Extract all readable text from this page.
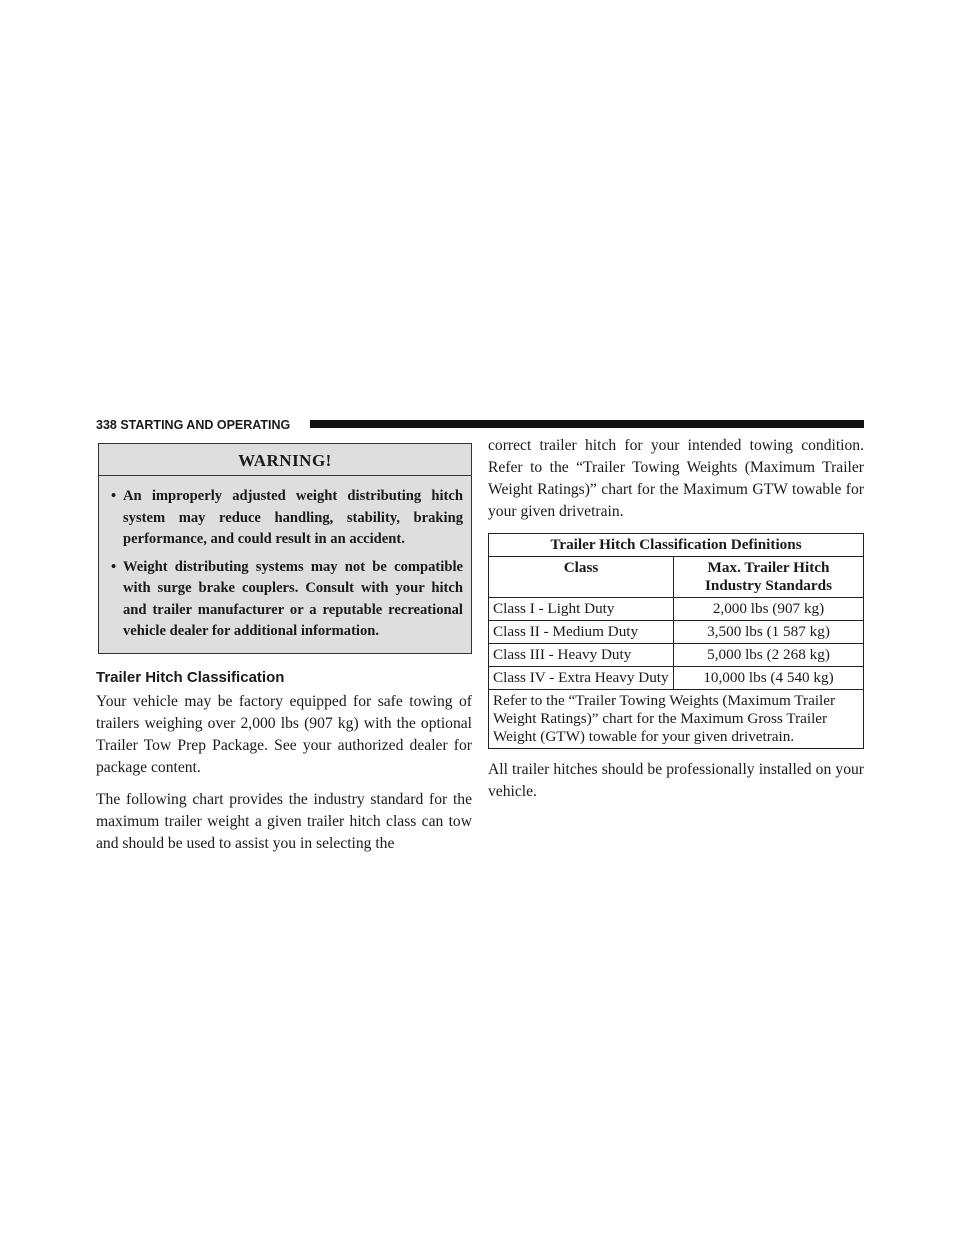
338 STARTING AND OPERATING
WARNING!
• An improperly adjusted weight distributing hitch system may reduce handling, stability, braking performance, and could result in an accident.
• Weight distributing systems may not be compatible with surge brake couplers. Consult with your hitch and trailer manufacturer or a reputable recreational vehicle dealer for additional information.
Trailer Hitch Classification

Your vehicle may be factory equipped for safe towing of trailers weighing over 2,000 lbs (907 kg) with the optional Trailer Tow Prep Package. See your authorized dealer for package content.

The following chart provides the industry standard for the maximum trailer weight a given trailer hitch class can tow and should be used to assist you in selecting the

correct trailer hitch for your intended towing condition. Refer to the “Trailer Towing Weights (Maximum Trailer Weight Ratings)” chart for the Maximum GTW towable for your given drivetrain.

Trailer Hitch Classification Definitions	
Class	Max. Trailer Hitch Industry Standards
Class I - Light Duty	2,000 lbs (907 kg)
Class II - Medium Duty	3,500 lbs (1 587 kg)
Class III - Heavy Duty	5,000 lbs (2 268 kg)
Class IV - Extra Heavy Duty	10,000 lbs (4 540 kg)
Refer to the “Trailer Towing Weights (Maximum Trailer Weight Ratings)” chart for the Maximum Gross Trailer Weight (GTW) towable for your given drivetrain.	

All trailer hitches should be professionally installed on your vehicle.
